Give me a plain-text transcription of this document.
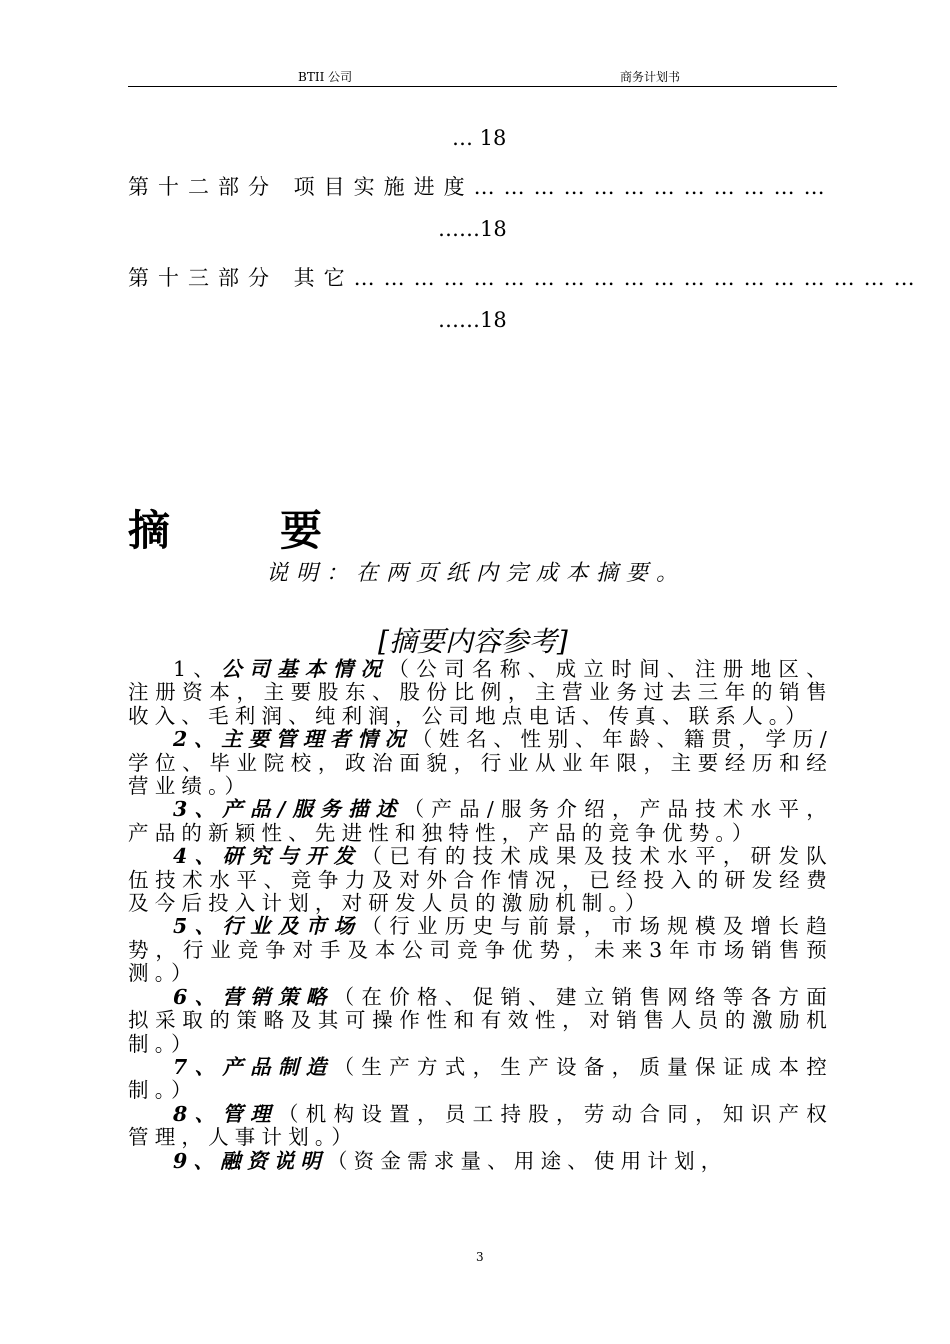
BTII 公司	商务计划书
… 18
第十二部分 项目实施进度………………………………
……18
第十三部分 其它…………………………………………………
……18
摘要
说明：在两页纸内完成本摘要。
[摘要内容参考]

1、公司基本情况（公司名称、成立时间、注册地区、注册资本，主要股东、股份比例，主营业务过去三年的销售收入、毛利润、纯利润，公司地点电话、传真、联系人。）

2、主要管理者情况（姓名、性别、年龄、籍贯，学历/学位、毕业院校，政治面貌，行业从业年限，主要经历和经营业绩。）

3、产品/服务描述（产品/服务介绍，产品技术水平，产品的新颖性、先进性和独特性，产品的竞争优势。）

4、研究与开发（已有的技术成果及技术水平，研发队伍技术水平、竞争力及对外合作情况，已经投入的研发经费及今后投入计划，对研发人员的激励机制。）

5、行业及市场（行业历史与前景，市场规模及增长趋势，行业竞争对手及本公司竞争优势，未来3年市场销售预测。）

6、营销策略（在价格、促销、建立销售网络等各方面拟采取的策略及其可操作性和有效性，对销售人员的激励机制。）

7、产品制造（生产方式，生产设备，质量保证成本控制。）

8、管理（机构设置，员工持股，劳动合同，知识产权管理，人事计划。）

9、融资说明（资金需求量、用途、使用计划，

3
